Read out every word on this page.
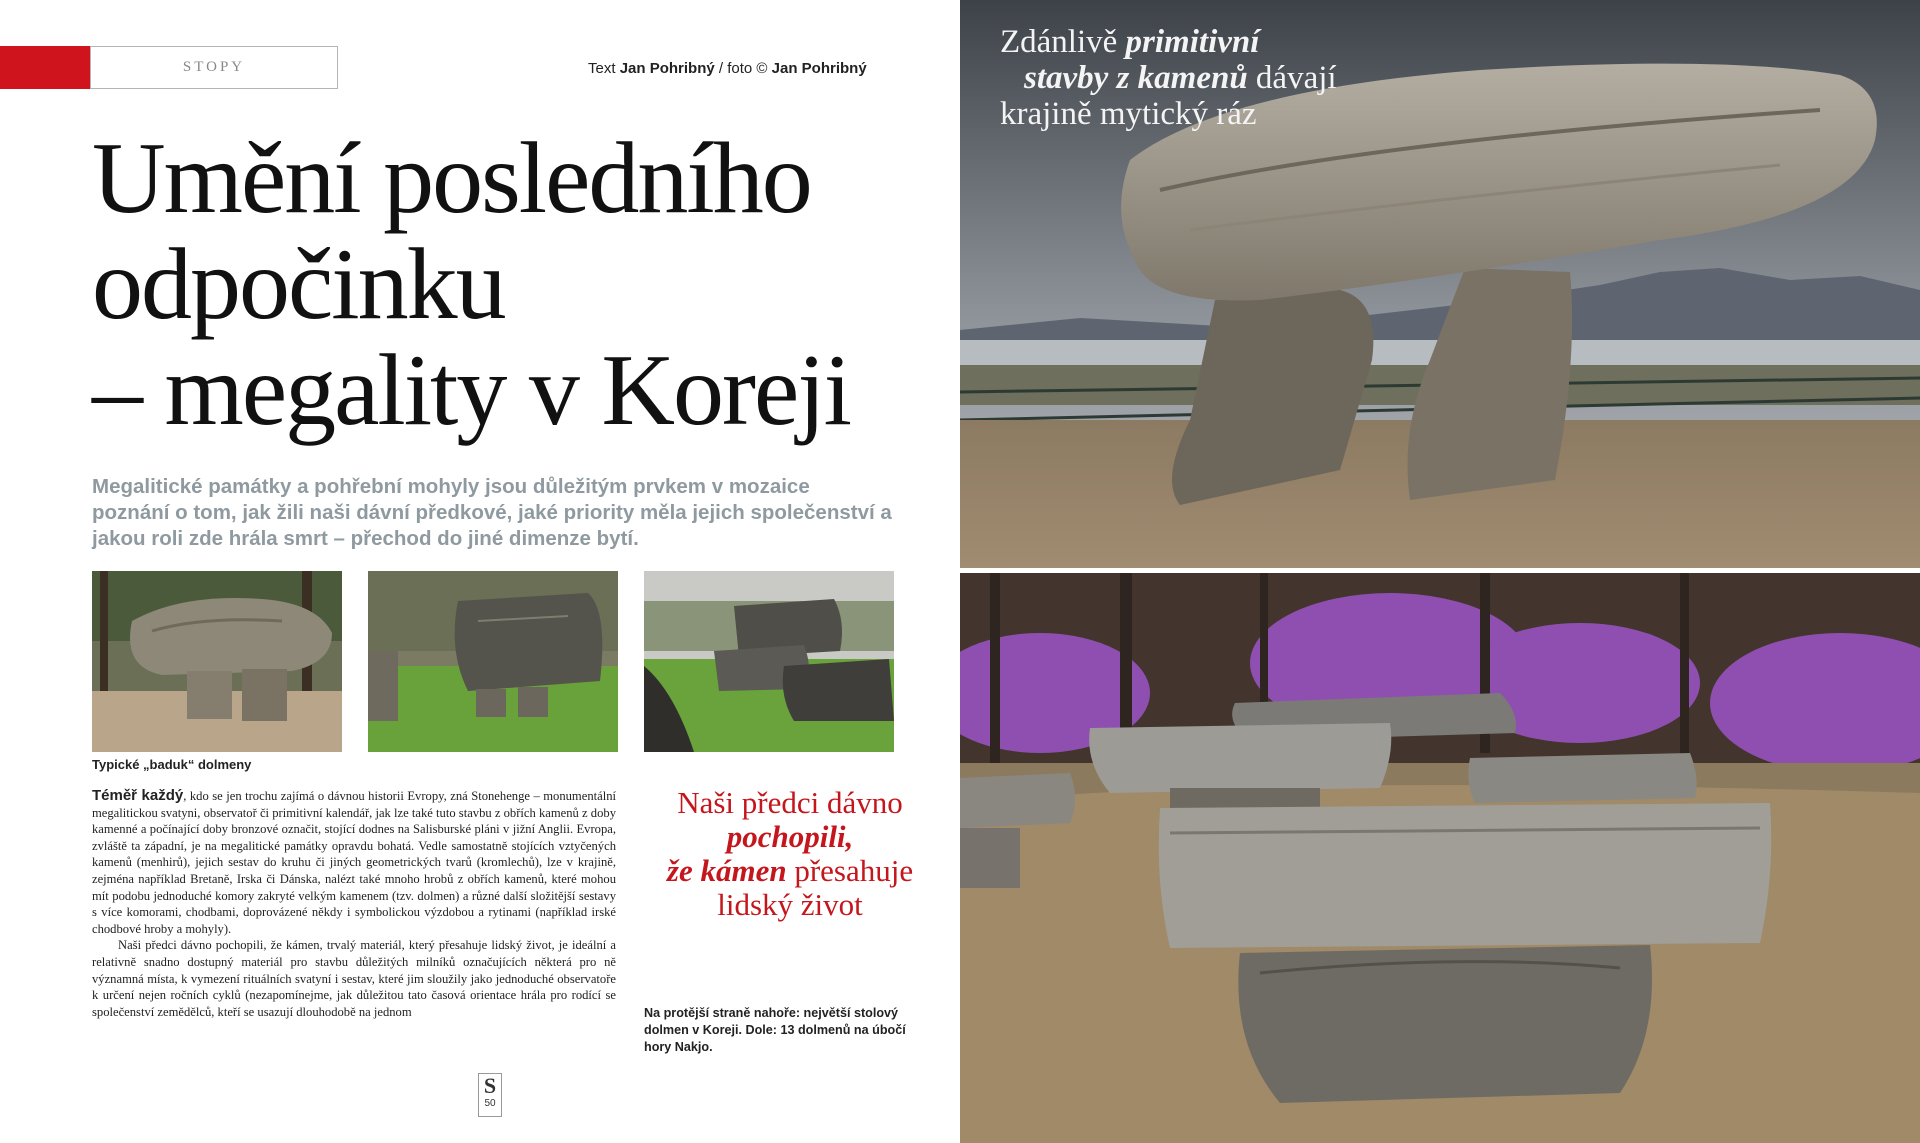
STOPY	Text Jan Pohribný / foto © Jan Pohribný
Umění posledního
odpočinku
– megality v Koreji
Megalitické památky a pohřební mohyly jsou důležitým prvkem v mozaice poznání o tom, jak žili naši dávní předkové, jaké priority měla jejich společenství a jakou roli zde hrála smrt – přechod do jiné dimenze bytí.
Typické „baduk“ dolmeny

Téměř každý, kdo se jen trochu zajímá o dávnou historii Evropy, zná Stonehenge – monumentální megalitickou svatyni, observatoř či primitivní kalendář, jak lze také tuto stavbu z obřích kamenů z doby kamenné a počínající doby bronzové označit, stojící dodnes na Salisburské pláni v jižní Anglii. Evropa, zvláště ta západní, je na megalitické památky opravdu bohatá. Vedle samostatně stojících vztyčených kamenů (menhirů), jejich sestav do kruhu či jiných geometrických tvarů (kromlechů), lze v krajině, zejména například Bretaně, Irska či Dánska, nalézt také mnoho hrobů z obřích kamenů, které mohou mít podobu jednoduché komory zakryté velkým kamenem (tzv. dolmen) a různé další složitější sestavy s více komorami, chodbami, doprovázené někdy i symbolickou výzdobou a rytinami (například irské chodbové hroby a mohyly).

Naši předci dávno pochopili, že kámen, trvalý materiál, který přesahuje lidský život, je ideální a relativně snadno dostupný materiál pro stavbu důležitých milníků označujících některá pro ně významná místa, k vymezení rituálních svatyní i sestav, které jim sloužily jako jednoduché observatoře k určení nejen ročních cyklů (nezapomínejme, jak důležitou tato časová orientace hrála pro rodící se společenství zemědělců, kteří se usazují dlouhodobě na jednom

Naši předci dávno
pochopili,
že kámen přesahuje
lidský život
Na protější straně nahoře: největší stolový dolmen v Koreji. Dole: 13 dolmenů na úbočí hory Nakjo.
S
50
Zdánlivě primitivní
stavby z kamenů dávají
krajině mytický ráz
